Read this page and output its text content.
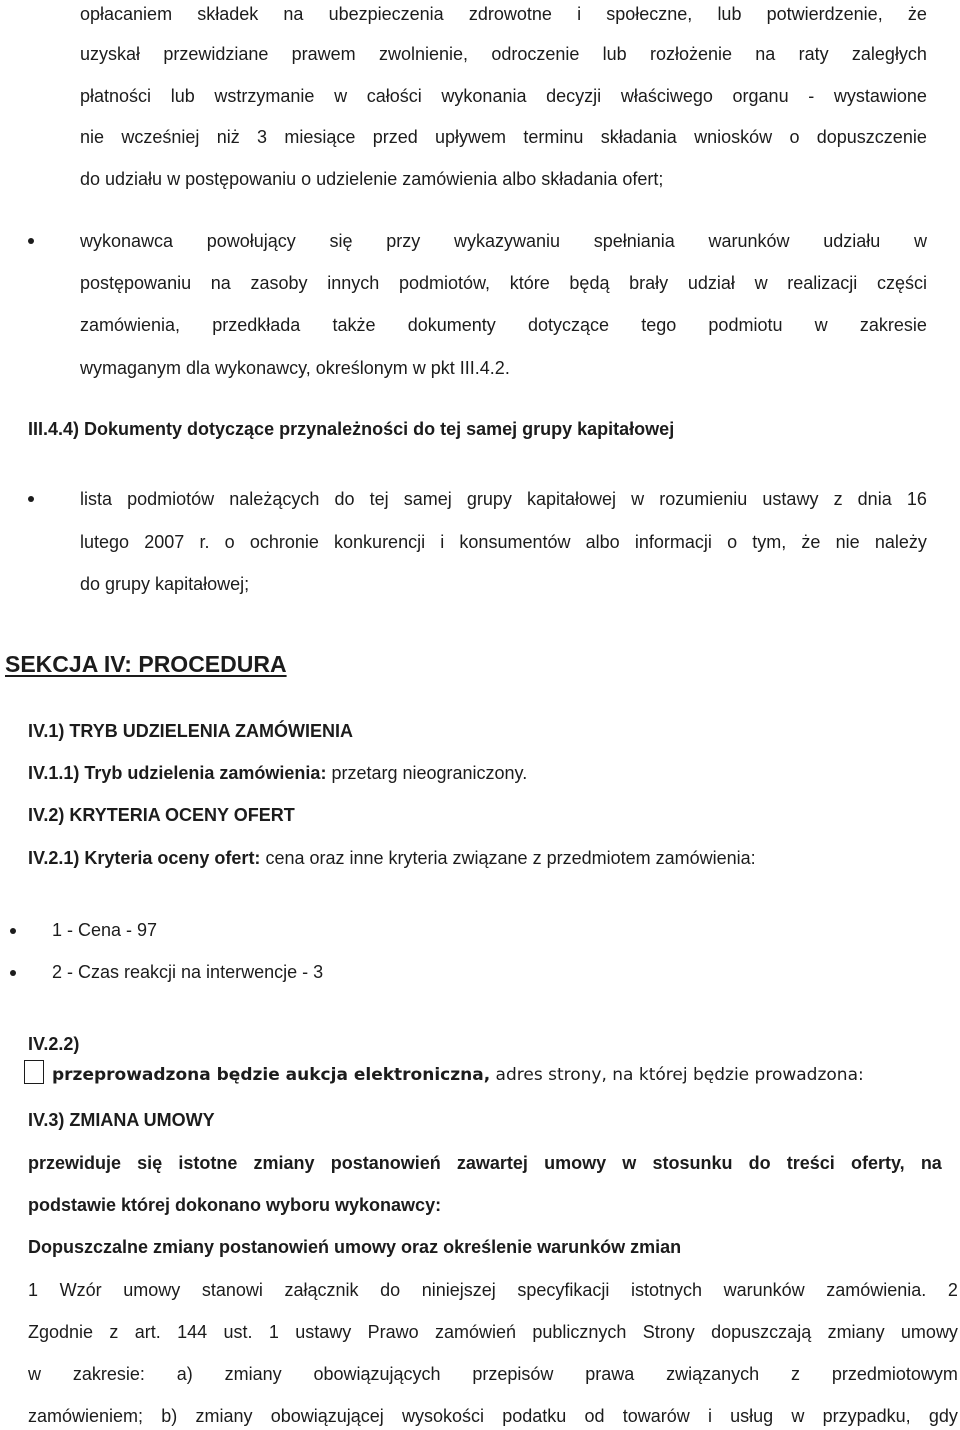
opłacaniem składek na ubezpieczenia zdrowotne i społeczne, lub potwierdzenie, że
uzyskał przewidziane prawem zwolnienie, odroczenie lub rozłożenie na raty zaległych
płatności lub wstrzymanie w całości wykonania decyzji właściwego organu - wystawione
nie wcześniej niż 3 miesiące przed upływem terminu składania wniosków o dopuszczenie
do udziału w postępowaniu o udzielenie zamówienia albo składania ofert;
wykonawca powołujący się przy wykazywaniu spełniania warunków udziału w
postępowaniu na zasoby innych podmiotów, które będą brały udział w realizacji części
zamówienia, przedkłada także dokumenty dotyczące tego podmiotu w zakresie
wymaganym dla wykonawcy, określonym w pkt III.4.2.
III.4.4) Dokumenty dotyczące przynależności do tej samej grupy kapitałowej
lista podmiotów należących do tej samej grupy kapitałowej w rozumieniu ustawy z dnia 16
lutego 2007 r. o ochronie konkurencji i konsumentów albo informacji o tym, że nie należy
do grupy kapitałowej;
SEKCJA IV: PROCEDURA
IV.1) TRYB UDZIELENIA ZAMÓWIENIA
IV.1.1) Tryb udzielenia zamówienia: przetarg nieograniczony.
IV.2) KRYTERIA OCENY OFERT
IV.2.1) Kryteria oceny ofert: cena oraz inne kryteria związane z przedmiotem zamówienia:
1 - Cena - 97
2 - Czas reakcji na interwencje - 3
IV.2.2)
przeprowadzona będzie aukcja elektroniczna, adres strony, na której będzie prowadzona:
IV.3) ZMIANA UMOWY
przewiduje się istotne zmiany postanowień zawartej umowy w stosunku do treści oferty, na
podstawie której dokonano wyboru wykonawcy:
Dopuszczalne zmiany postanowień umowy oraz określenie warunków zmian
1 Wzór umowy stanowi załącznik do niniejszej specyfikacji istotnych warunków zamówienia. 2
Zgodnie z art. 144 ust. 1 ustawy Prawo zamówień publicznych Strony dopuszczają zmiany umowy
w zakresie: a) zmiany obowiązujących przepisów prawa związanych z przedmiotowym
zamówieniem; b) zmiany obowiązującej wysokości podatku od towarów i usług w przypadku, gdy
